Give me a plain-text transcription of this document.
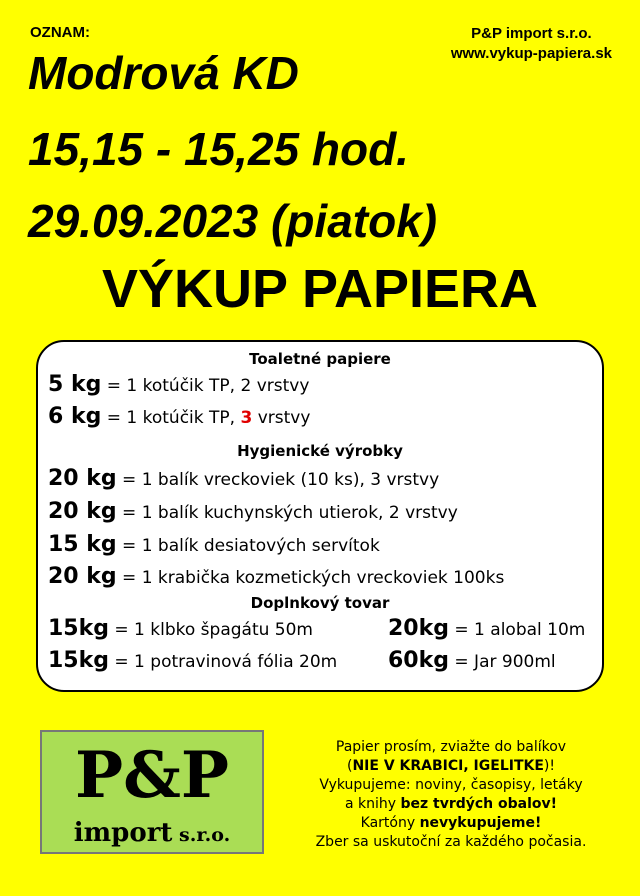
OZNAM:	P&P import s.r.o.
www.vykup-papiera.sk
Modrová KD
15,15 - 15,25 hod.
29.09.2023 (piatok)
VÝKUP PAPIERA
Toaletné papiere
5 kg = 1 kotúčik TP, 2 vrstvy
6 kg = 1 kotúčik TP, 3 vrstvy
Hygienické výrobky
20 kg = 1 balík vreckoviek (10 ks), 3 vrstvy
20 kg = 1 balík kuchynských utierok, 2 vrstvy
15 kg = 1 balík desiatových servítok
20 kg = 1 krabička kozmetických vreckoviek 100ks
Doplnkový tovar
15kg = 1 klbko špagátu 50m	20kg = 1 alobal 10m
15kg = 1 potravinová fólia 20m 60kg = Jar 900ml
P&P
import s.r.o.
Papier prosím, zviažte do balíkov
(NIE V KRABICI, IGELITKE)!
Vykupujeme: noviny, časopisy, letáky
a knihy bez tvrdých obalov!
Kartóny nevykupujeme!
Zber sa uskutoční za každého počasia.
